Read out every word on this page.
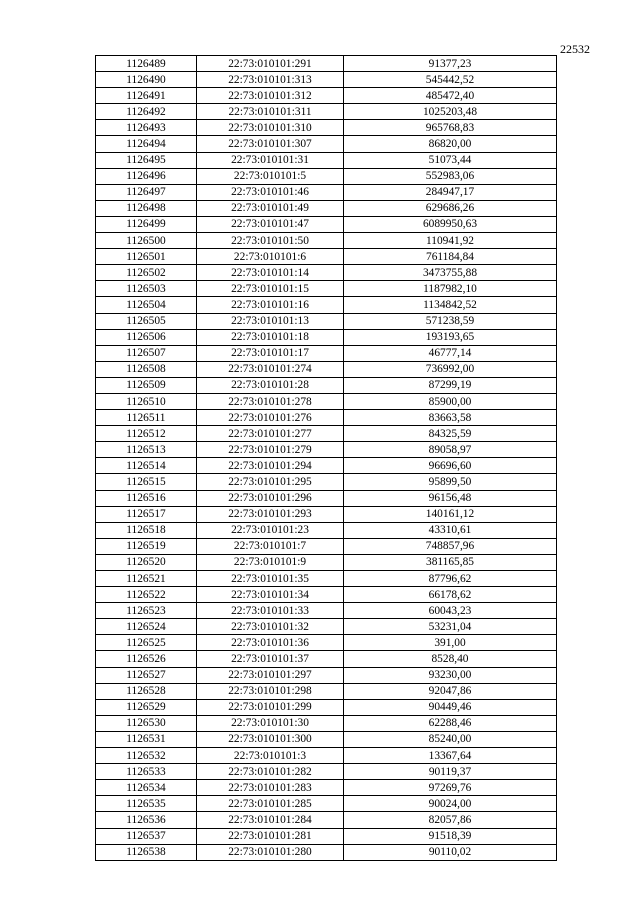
22532
1126489	22:73:010101:291	91377,23
1126490	22:73:010101:313	545442,52
1126491	22:73:010101:312	485472,40
1126492	22:73:010101:311	1025203,48
1126493	22:73:010101:310	965768,83
1126494	22:73:010101:307	86820,00
1126495	22:73:010101:31	51073,44
1126496	22:73:010101:5	552983,06
1126497	22:73:010101:46	284947,17
1126498	22:73:010101:49	629686,26
1126499	22:73:010101:47	6089950,63
1126500	22:73:010101:50	110941,92
1126501	22:73:010101:6	761184,84
1126502	22:73:010101:14	3473755,88
1126503	22:73:010101:15	1187982,10
1126504	22:73:010101:16	1134842,52
1126505	22:73:010101:13	571238,59
1126506	22:73:010101:18	193193,65
1126507	22:73:010101:17	46777,14
1126508	22:73:010101:274	736992,00
1126509	22:73:010101:28	87299,19
1126510	22:73:010101:278	85900,00
1126511	22:73:010101:276	83663,58
1126512	22:73:010101:277	84325,59
1126513	22:73:010101:279	89058,97
1126514	22:73:010101:294	96696,60
1126515	22:73:010101:295	95899,50
1126516	22:73:010101:296	96156,48
1126517	22:73:010101:293	140161,12
1126518	22:73:010101:23	43310,61
1126519	22:73:010101:7	748857,96
1126520	22:73:010101:9	381165,85
1126521	22:73:010101:35	87796,62
1126522	22:73:010101:34	66178,62
1126523	22:73:010101:33	60043,23
1126524	22:73:010101:32	53231,04
1126525	22:73:010101:36	391,00
1126526	22:73:010101:37	8528,40
1126527	22:73:010101:297	93230,00
1126528	22:73:010101:298	92047,86
1126529	22:73:010101:299	90449,46
1126530	22:73:010101:30	62288,46
1126531	22:73:010101:300	85240,00
1126532	22:73:010101:3	13367,64
1126533	22:73:010101:282	90119,37
1126534	22:73:010101:283	97269,76
1126535	22:73:010101:285	90024,00
1126536	22:73:010101:284	82057,86
1126537	22:73:010101:281	91518,39
1126538	22:73:010101:280	90110,02
